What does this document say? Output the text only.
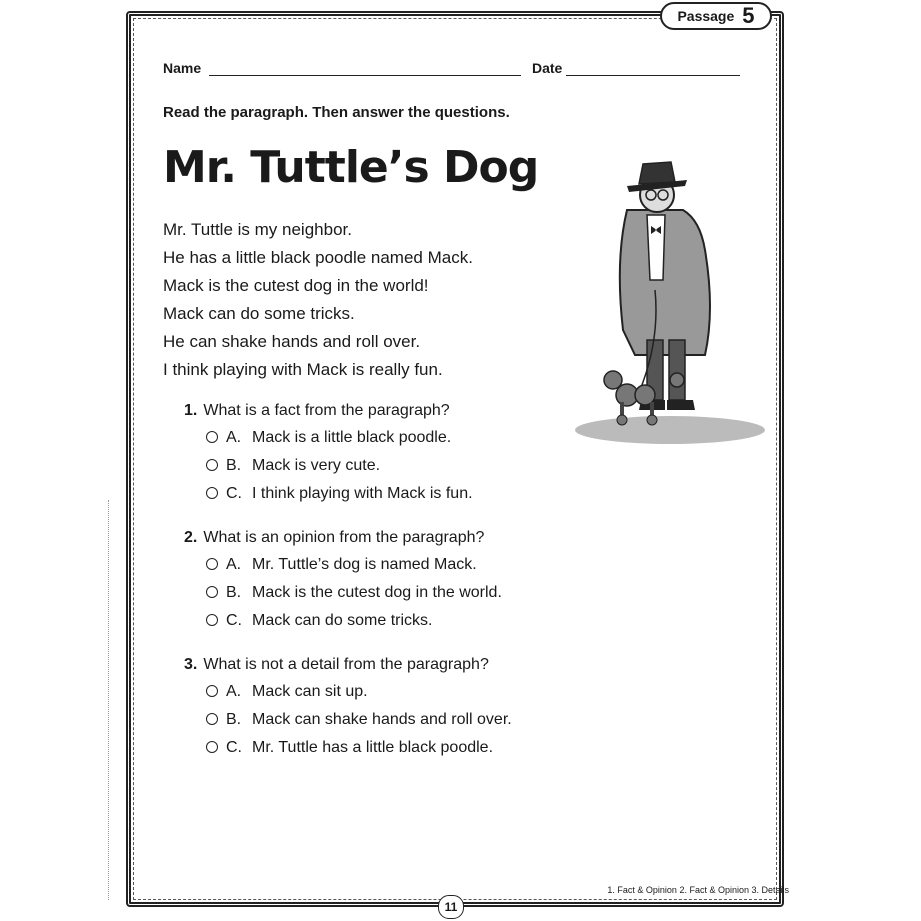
Passage 5
Name	Date
Read the paragraph. Then answer the questions.
Mr. Tuttle’s Dog
Mr. Tuttle is my neighbor.
He has a little black poodle named Mack.
Mack is the cutest dog in the world!
Mack can do some tricks.
He can shake hands and roll over.
I think playing with Mack is really fun.
1. What is a fact from the paragraph?
A. Mack is a little black poodle.
B. Mack is very cute.
C. I think playing with Mack is fun.
2. What is an opinion from the paragraph?
A. Mr. Tuttle’s dog is named Mack.
B. Mack is the cutest dog in the world.
C. Mack can do some tricks.
3. What is not a detail from the paragraph?
A. Mack can sit up.
B. Mack can shake hands and roll over.
C. Mr. Tuttle has a little black poodle.
1. Fact & Opinion 2. Fact & Opinion 3. Details
11
